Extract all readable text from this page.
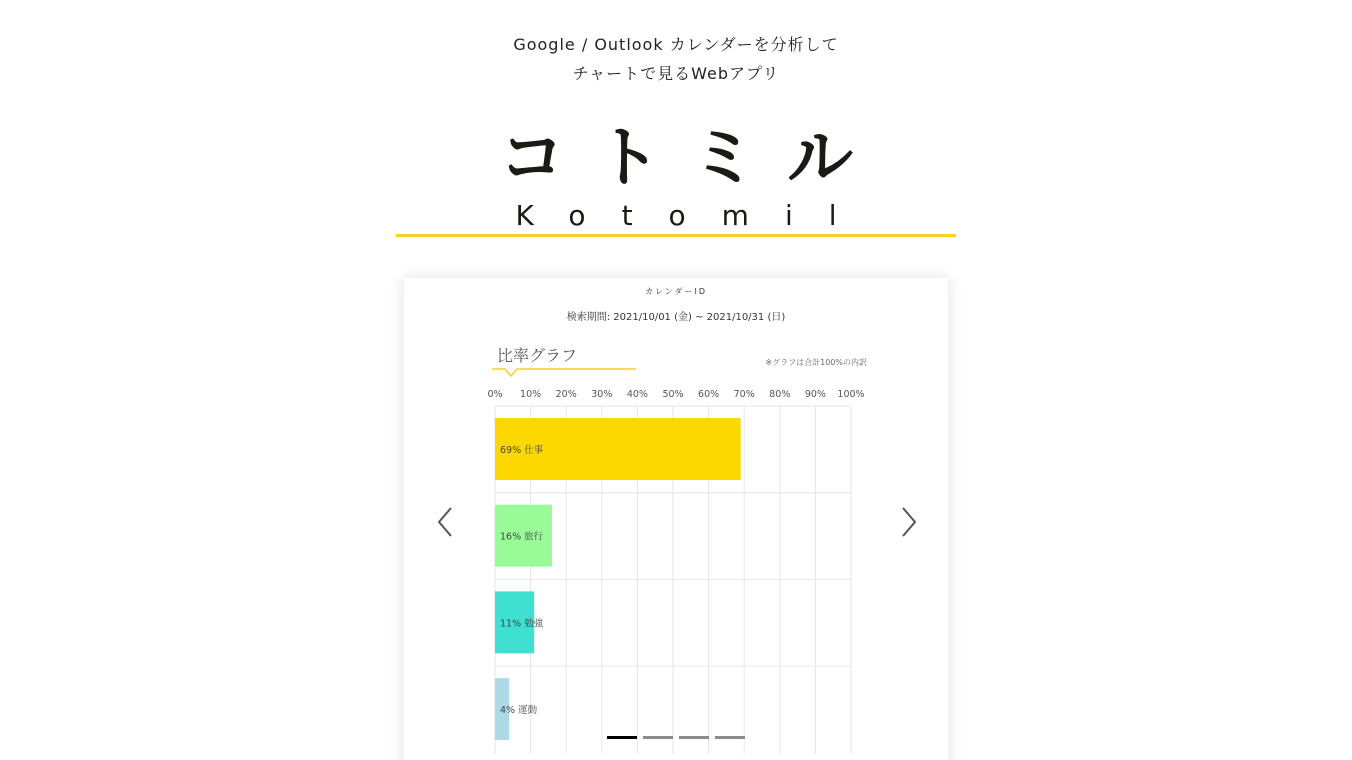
Google / Outlook カレンダーを分析して
チャートで見るWebアプリ
コトミル
Kotomil
カレンダーID
検索期間: 2021/10/01 (金) ~ 2021/10/31 (日)
比率グラフ	※グラフは合計100%の内訳
0% 10% 20% 30% 40% 50% 60% 70% 80% 90% 100%
69% 仕事
16% 旅行
11% 勉強
4% 運動
